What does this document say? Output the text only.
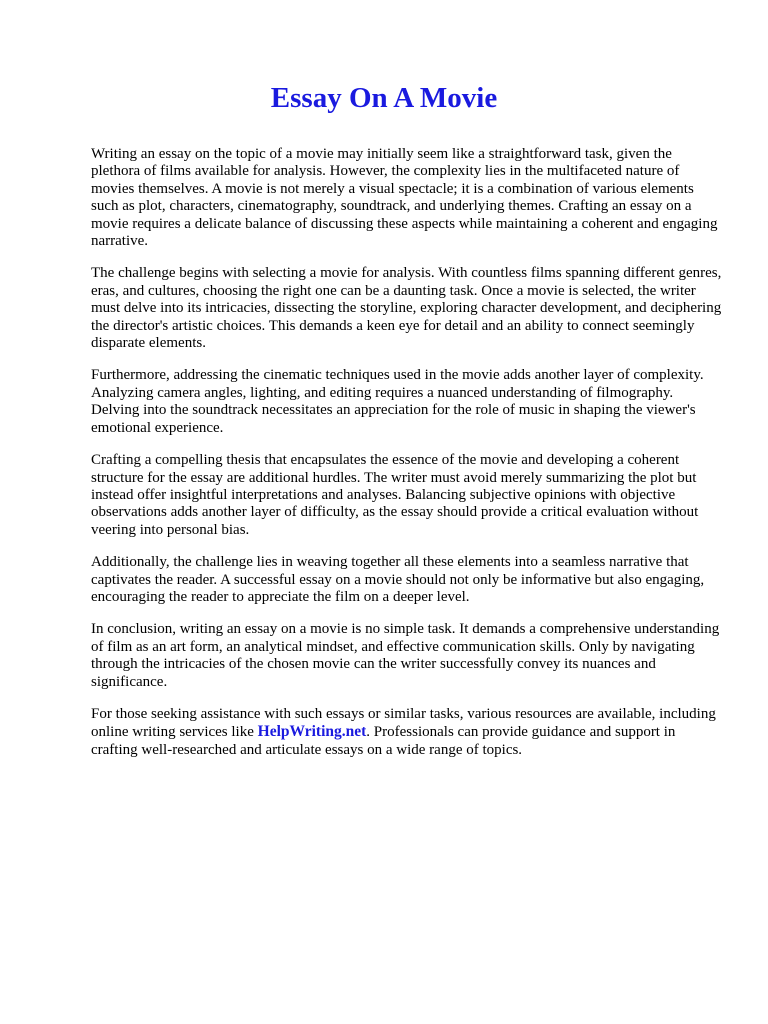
Essay On A Movie

Writing an essay on the topic of a movie may initially seem like a straightforward task, given the plethora of films available for analysis. However, the complexity lies in the multifaceted nature of movies themselves. A movie is not merely a visual spectacle; it is a combination of various elements such as plot, characters, cinematography, soundtrack, and underlying themes. Crafting an essay on a movie requires a delicate balance of discussing these aspects while maintaining a coherent and engaging narrative.

The challenge begins with selecting a movie for analysis. With countless films spanning different genres, eras, and cultures, choosing the right one can be a daunting task. Once a movie is selected, the writer must delve into its intricacies, dissecting the storyline, exploring character development, and deciphering the director's artistic choices. This demands a keen eye for detail and an ability to connect seemingly disparate elements.

Furthermore, addressing the cinematic techniques used in the movie adds another layer of complexity. Analyzing camera angles, lighting, and editing requires a nuanced understanding of filmography. Delving into the soundtrack necessitates an appreciation for the role of music in shaping the viewer's emotional experience.

Crafting a compelling thesis that encapsulates the essence of the movie and developing a coherent structure for the essay are additional hurdles. The writer must avoid merely summarizing the plot but instead offer insightful interpretations and analyses. Balancing subjective opinions with objective observations adds another layer of difficulty, as the essay should provide a critical evaluation without veering into personal bias.

Additionally, the challenge lies in weaving together all these elements into a seamless narrative that captivates the reader. A successful essay on a movie should not only be informative but also engaging, encouraging the reader to appreciate the film on a deeper level.

In conclusion, writing an essay on a movie is no simple task. It demands a comprehensive understanding of film as an art form, an analytical mindset, and effective communication skills. Only by navigating through the intricacies of the chosen movie can the writer successfully convey its nuances and significance.

For those seeking assistance with such essays or similar tasks, various resources are available, including online writing services like HelpWriting.net. Professionals can provide guidance and support in crafting well-researched and articulate essays on a wide range of topics.
